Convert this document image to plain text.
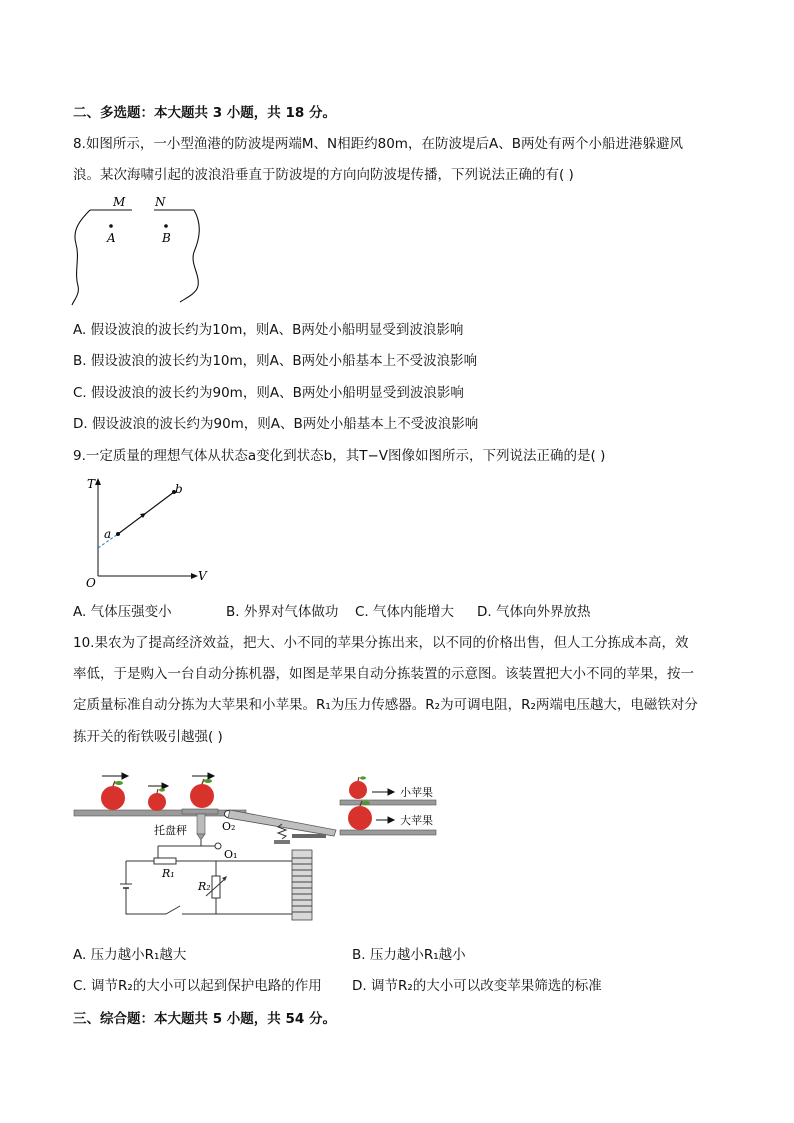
二、多选题：本大题共 3 小题，共 18 分。
8.如图所示，一小型渔港的防波堤两端M、N相距约80m，在防波堤后A、B两处有两个小船进港躲避风
浪。某次海啸引起的波浪沿垂直于防波堤的方向向防波堤传播，下列说法正确的有( )
M N
A	B
A. 假设波浪的波长约为10m，则A、B两处小船明显受到波浪影响
B. 假设波浪的波长约为10m，则A、B两处小船基本上不受波浪影响
C. 假设波浪的波长约为90m，则A、B两处小船明显受到波浪影响
D. 假设波浪的波长约为90m，则A、B两处小船基本上不受波浪影响
9.一定质量的理想气体从状态a变化到状态b，其T−V图像如图所示，下列说法正确的是( )
T
V
O
a
b
A. 气体压强变小	B. 外界对气体做功 C. 气体内能增大 D. 气体向外界放热
10.果农为了提高经济效益，把大、小不同的苹果分拣出来，以不同的价格出售，但人工分拣成本高，效
率低，于是购入一台自动分拣机器，如图是苹果自动分拣装置的示意图。该装置把大小不同的苹果，按一
定质量标准自动分拣为大苹果和小苹果。R₁为压力传感器。R₂为可调电阻，R₂两端电压越大，电磁铁对分
拣开关的衔铁吸引越强( )
托盘秤	O₂
小苹果
大苹果
O₁
R₁
R₂
A. 压力越小R₁越大	B. 压力越小R₁越小
C. 调节R₂的大小可以起到保护电路的作用 D. 调节R₂的大小可以改变苹果筛选的标准
三、综合题：本大题共 5 小题，共 54 分。
